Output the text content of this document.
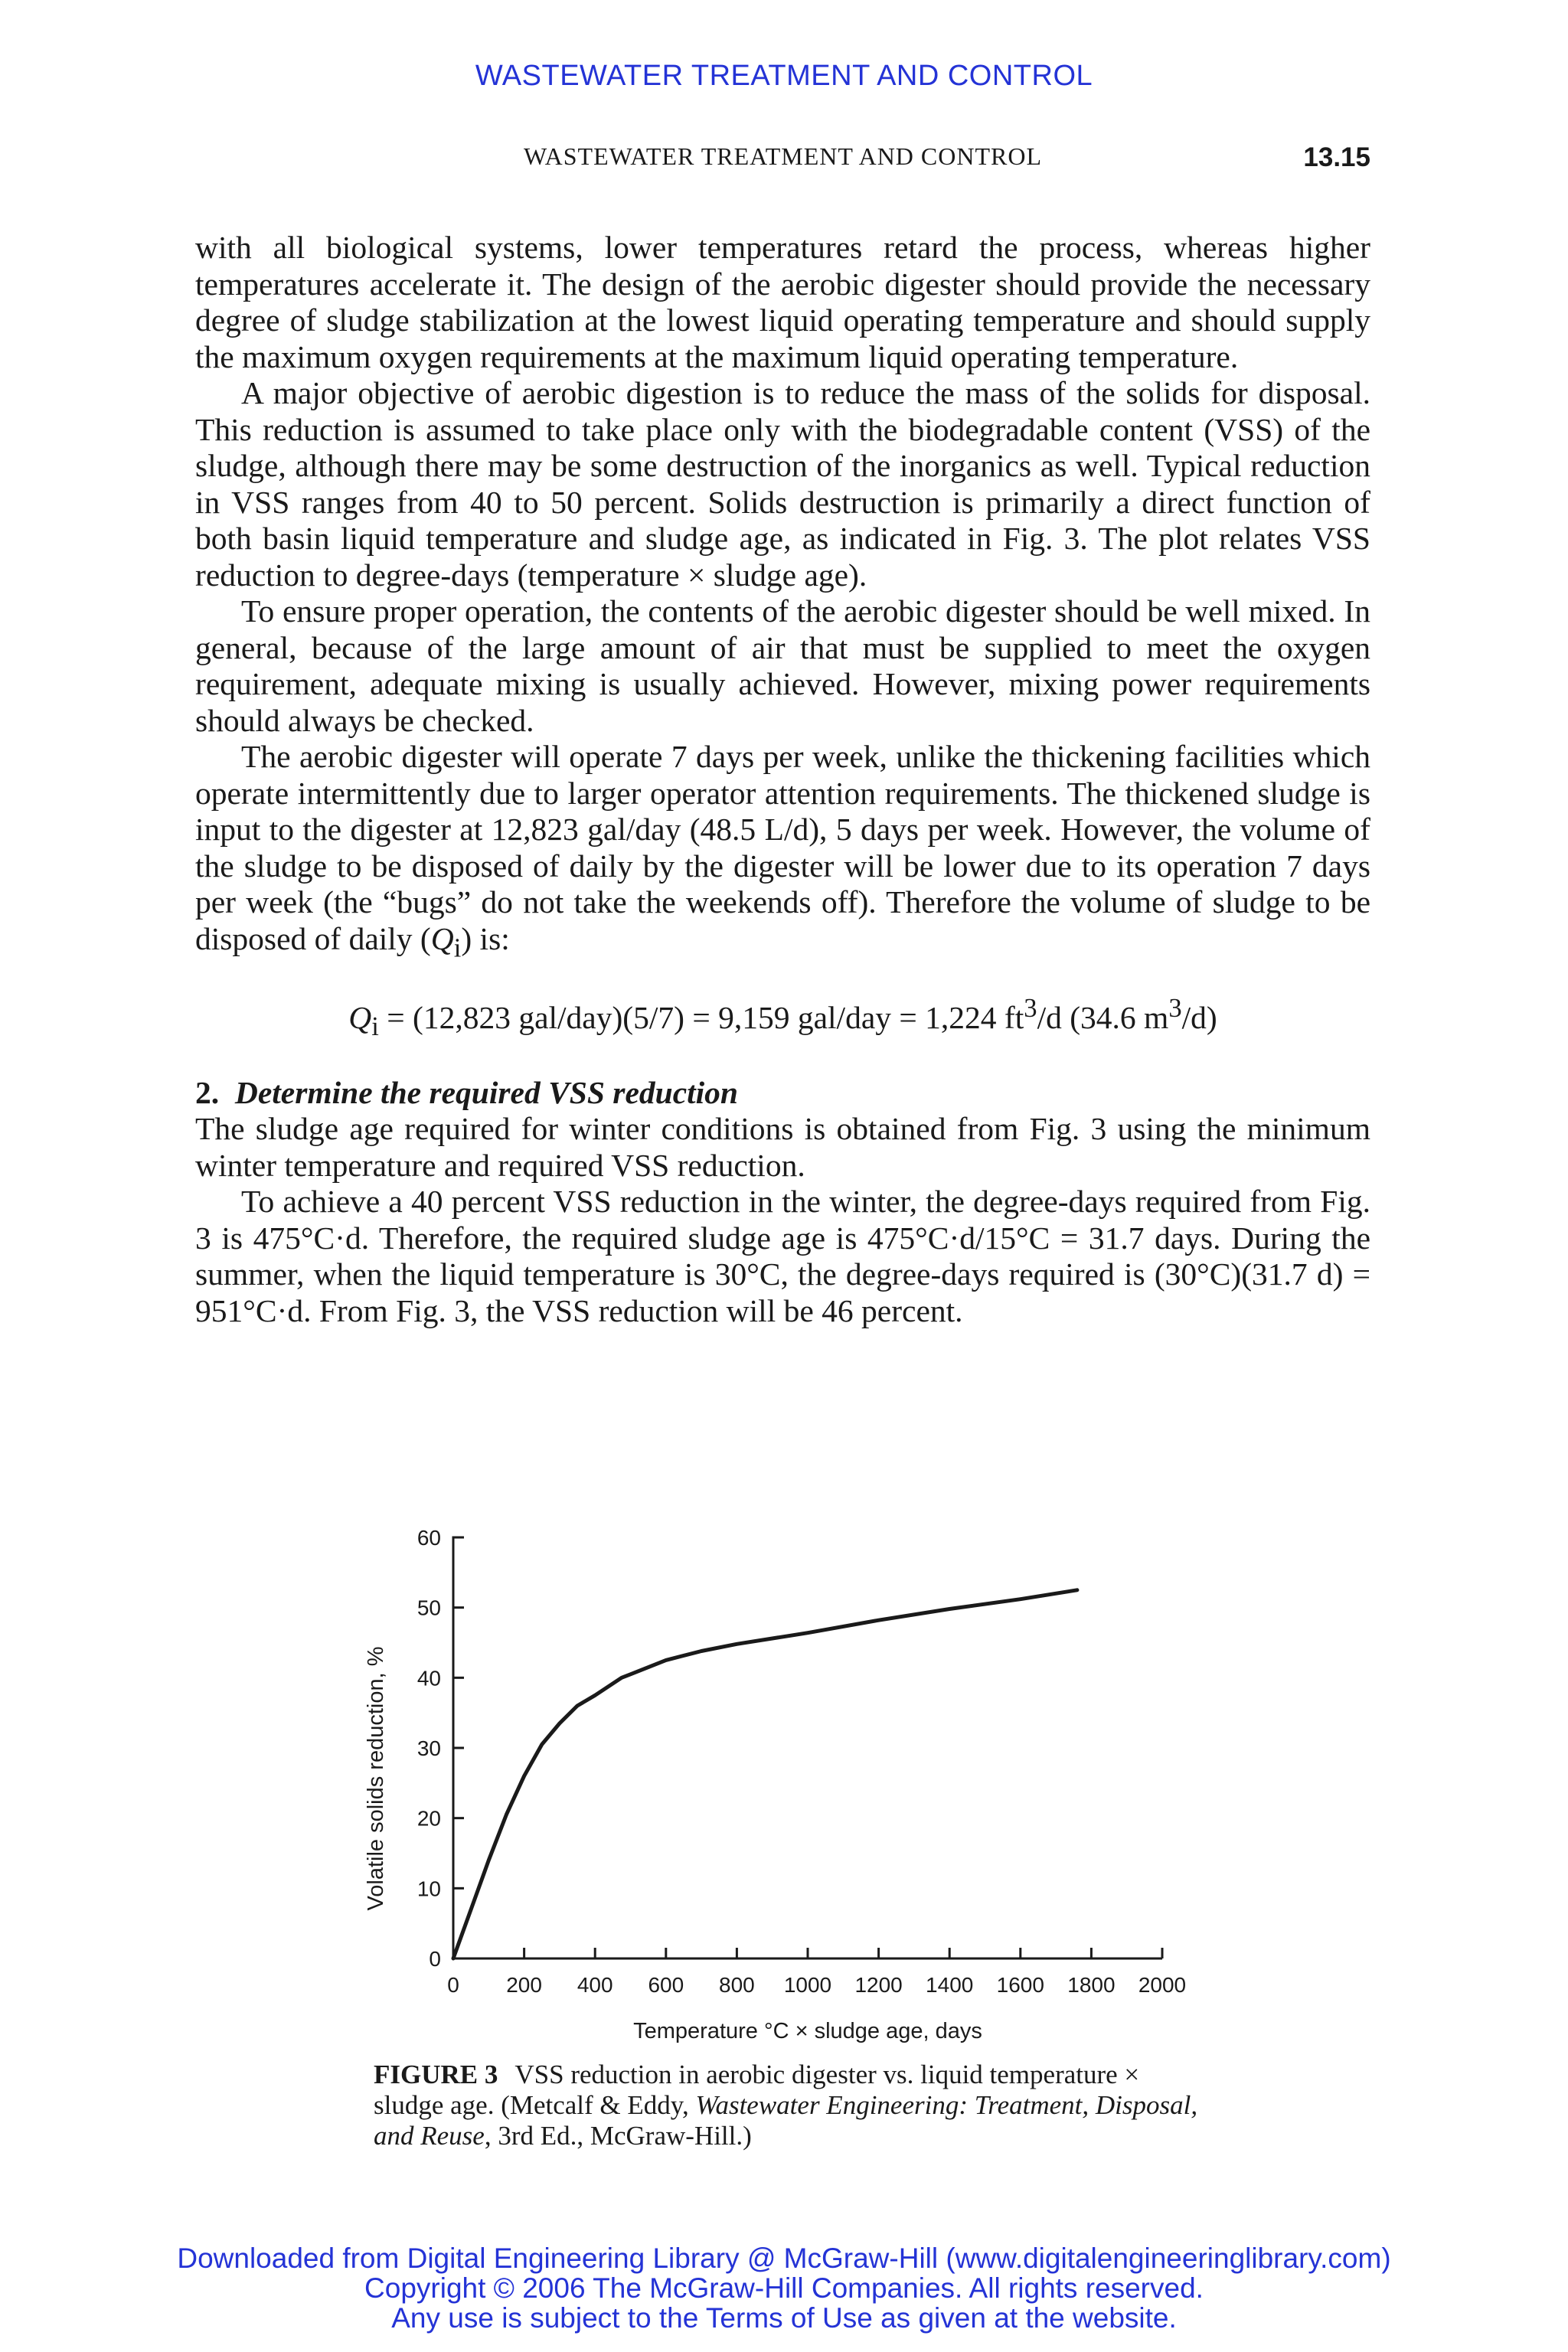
WASTEWATER TREATMENT AND CONTROL
WASTEWATER TREATMENT AND CONTROL	13.15

with all biological systems, lower temperatures retard the process, whereas higher temperatures accelerate it. The design of the aerobic digester should provide the necessary degree of sludge stabilization at the lowest liquid operating temperature and should supply the maximum oxygen requirements at the maximum liquid operating temperature.

A major objective of aerobic digestion is to reduce the mass of the solids for disposal. This reduction is assumed to take place only with the biodegradable content (VSS) of the sludge, although there may be some destruction of the inorganics as well. Typical reduction in VSS ranges from 40 to 50 percent. Solids destruction is primarily a direct function of both basin liquid temperature and sludge age, as indicated in Fig. 3. The plot relates VSS reduction to degree-days (temperature × sludge age).

To ensure proper operation, the contents of the aerobic digester should be well mixed. In general, because of the large amount of air that must be supplied to meet the oxygen requirement, adequate mixing is usually achieved. However, mixing power requirements should always be checked.

The aerobic digester will operate 7 days per week, unlike the thickening facilities which operate intermittently due to larger operator attention requirements. The thickened sludge is input to the digester at 12,823 gal/day (48.5 L/d), 5 days per week. However, the volume of the sludge to be disposed of daily by the digester will be lower due to its operation 7 days per week (the “bugs” do not take the weekends off). Therefore the volume of sludge to be disposed of daily $(Q_i)$ is:

$Q_i = (12,823$ gal/day)(5/7) = 9,159 gal/day = 1,224 $ft^3/d$ (34.6 $m^3/d$)

2. Determine the required VSS reduction

The sludge age required for winter conditions is obtained from Fig. 3 using the minimum winter temperature and required VSS reduction.

To achieve a 40 percent VSS reduction in the winter, the degree-days required from Fig. 3 is 475°C·d. Therefore, the required sludge age is 475°C·d/15°C = 31.7 days. During the summer, when the liquid temperature is 30°C, the degree-days required is (30°C)(31.7 d) = 951°C·d. From Fig. 3, the VSS reduction will be 46 percent.

0
10
20
30
40
50
60
0 200 400 600 800 1000 1200 1400 1600 1800 2000
Temperature °C × sludge age, days
Volatile solids reduction, %
FIGURE 3 VSS reduction in aerobic digester vs. liquid temperature × sludge age. (Metcalf & Eddy, Wastewater Engineering: Treatment, Disposal, and Reuse, 3rd Ed., McGraw-Hill.)
Downloaded from Digital Engineering Library @ McGraw-Hill (www.digitalengineeringlibrary.com)
Copyright © 2006 The McGraw-Hill Companies. All rights reserved.
Any use is subject to the Terms of Use as given at the website.
